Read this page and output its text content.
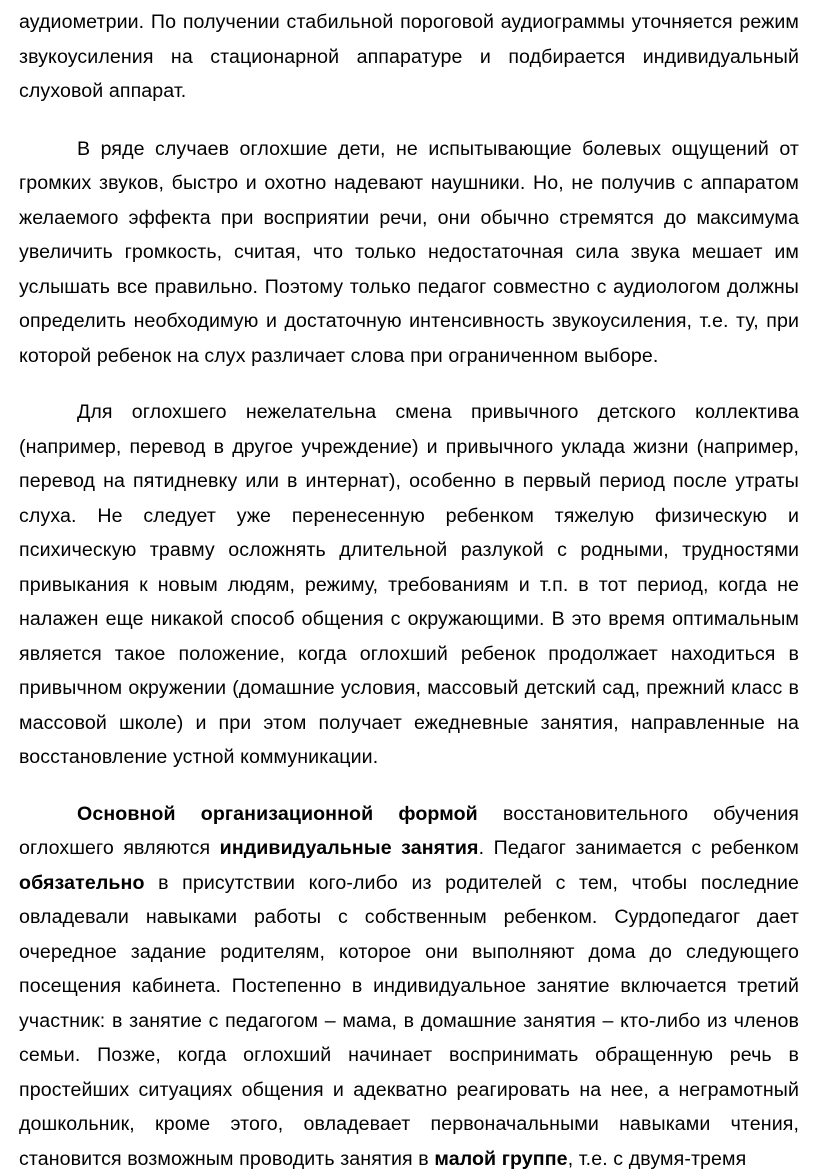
аудиометрии. По получении стабильной пороговой аудиограммы уточняется режим звукоусиления на стационарной аппаратуре и подбирается индивидуальный слуховой аппарат.

В ряде случаев оглохшие дети, не испытывающие болевых ощущений от громких звуков, быстро и охотно надевают наушники. Но, не получив с аппаратом желаемого эффекта при восприятии речи, они обычно стремятся до максимума увеличить громкость, считая, что только недостаточная сила звука мешает им услышать все правильно. Поэтому только педагог совместно с аудиологом должны определить необходимую и достаточную интенсивность звукоусиления, т.е. ту, при которой ребенок на слух различает слова при ограниченном выборе.

Для оглохшего нежелательна смена привычного детского коллектива (например, перевод в другое учреждение) и привычного уклада жизни (например, перевод на пятидневку или в интернат), особенно в первый период после утраты слуха. Не следует уже перенесенную ребенком тяжелую физическую и психическую травму осложнять длительной разлукой с родными, трудностями привыкания к новым людям, режиму, требованиям и т.п. в тот период, когда не налажен еще никакой способ общения с окружающими. В это время оптимальным является такое положение, когда оглохший ребенок продолжает находиться в привычном окружении (домашние условия, массовый детский сад, прежний класс в массовой школе) и при этом получает ежедневные занятия, направленные на восстановление устной коммуникации.

Основной организационной формой восстановительного обучения оглохшего являются индивидуальные занятия. Педагог занимается с ребенком обязательно в присутствии кого-либо из родителей с тем, чтобы последние овладевали навыками работы с собственным ребенком. Сурдопедагог дает очередное задание родителям, которое они выполняют дома до следующего посещения кабинета. Постепенно в индивидуальное занятие включается третий участник: в занятие с педагогом – мама, в домашние занятия – кто-либо из членов семьи. Позже, когда оглохший начинает воспринимать обращенную речь в простейших ситуациях общения и адекватно реагировать на нее, а неграмотный дошкольник, кроме этого, овладевает первоначальными навыками чтения, становится возможным проводить занятия в малой группе, т.е. с двумя-тремя
